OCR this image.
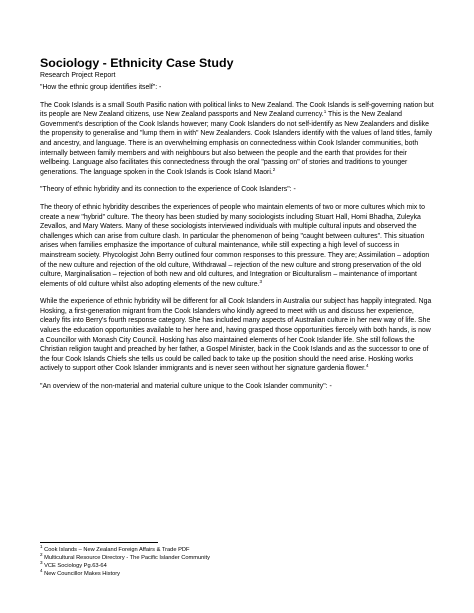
Sociology - Ethnicity Case Study
Research Project Report

"How the ethnic group identifies itself": -

The Cook Islands is a small South Pasific nation with political links to New Zealand. The Cook Islands is self-governing nation but its people are New Zealand citizens, use New Zealand passports and New Zealand currency.$^1$ This is the New Zealand Government's description of the Cook Islands however; many Cook Islanders do not self-identify as New Zealanders and dislike the propensity to generalise and "lump them in with" New Zealanders. Cook Islanders identify with the values of land titles, family and ancestry, and language. There is an overwhelming emphasis on connectedness within Cook Islander communities, both internally between family members and with neighbours but also between the people and the earth that provides for their wellbeing. Language also facilitates this connectedness through the oral "passing on" of stories and traditions to younger generations. The language spoken in the Cook Islands is Cook Island Maori.$^2$

"Theory of ethnic hybridity and its connection to the experience of Cook Islanders": -

The theory of ethnic hybridity describes the experiences of people who maintain elements of two or more cultures which mix to create a new "hybrid" culture. The theory has been studied by many sociologists including Stuart Hall, Homi Bhadha, Zuleyka Zevallos, and Mary Waters. Many of these sociologists interviewed individuals with multiple cultural inputs and observed the challenges which can arise from culture clash. In particular the phenomenon of being "caught between cultures". This situation arises when families emphasize the importance of cultural maintenance, while still expecting a high level of success in mainstream society. Phycologist John Berry outlined four common responses to this pressure. They are; Assimilation – adoption of the new culture and rejection of the old culture, Withdrawal – rejection of the new culture and strong preservation of the old culture, Marginalisation – rejection of both new and old cultures, and Integration or Biculturalism – maintenance of important elements of old culture whilst also adopting elements of the new culture.$^3$

While the experience of ethnic hybridity will be different for all Cook Islanders in Australia our subject has happily integrated. Nga Hosking, a first-generation migrant from the Cook Islanders who kindly agreed to meet with us and discuss her experience, clearly fits into Berry's fourth response category. She has included many aspects of Australian culture in her new way of life. She values the education opportunities available to her here and, having grasped those opportunities fiercely with both hands, is now a Councillor with Monash City Council. Hosking has also maintained elements of her Cook Islander life. She still follows the Christian religion taught and preached by her father, a Gospel Minister, back in the Cook Islands and as the successor to one of the four Cook Islands Chiefs she tells us could be called back to take up the position should the need arise. Hosking works actively to support other Cook Islander immigrants and is never seen without her signature gardenia flower.$^4$

"An overview of the non-material and material culture unique to the Cook Islander community": -

$^1$ Cook Islands – New Zealand Foreign Affairs & Trade PDF

$^2$ Multicultural Resource Directory - The Pacific Islander Community

$^3$ VCE Sociology Pg.63-64

$^4$ New Councillor Makes History
